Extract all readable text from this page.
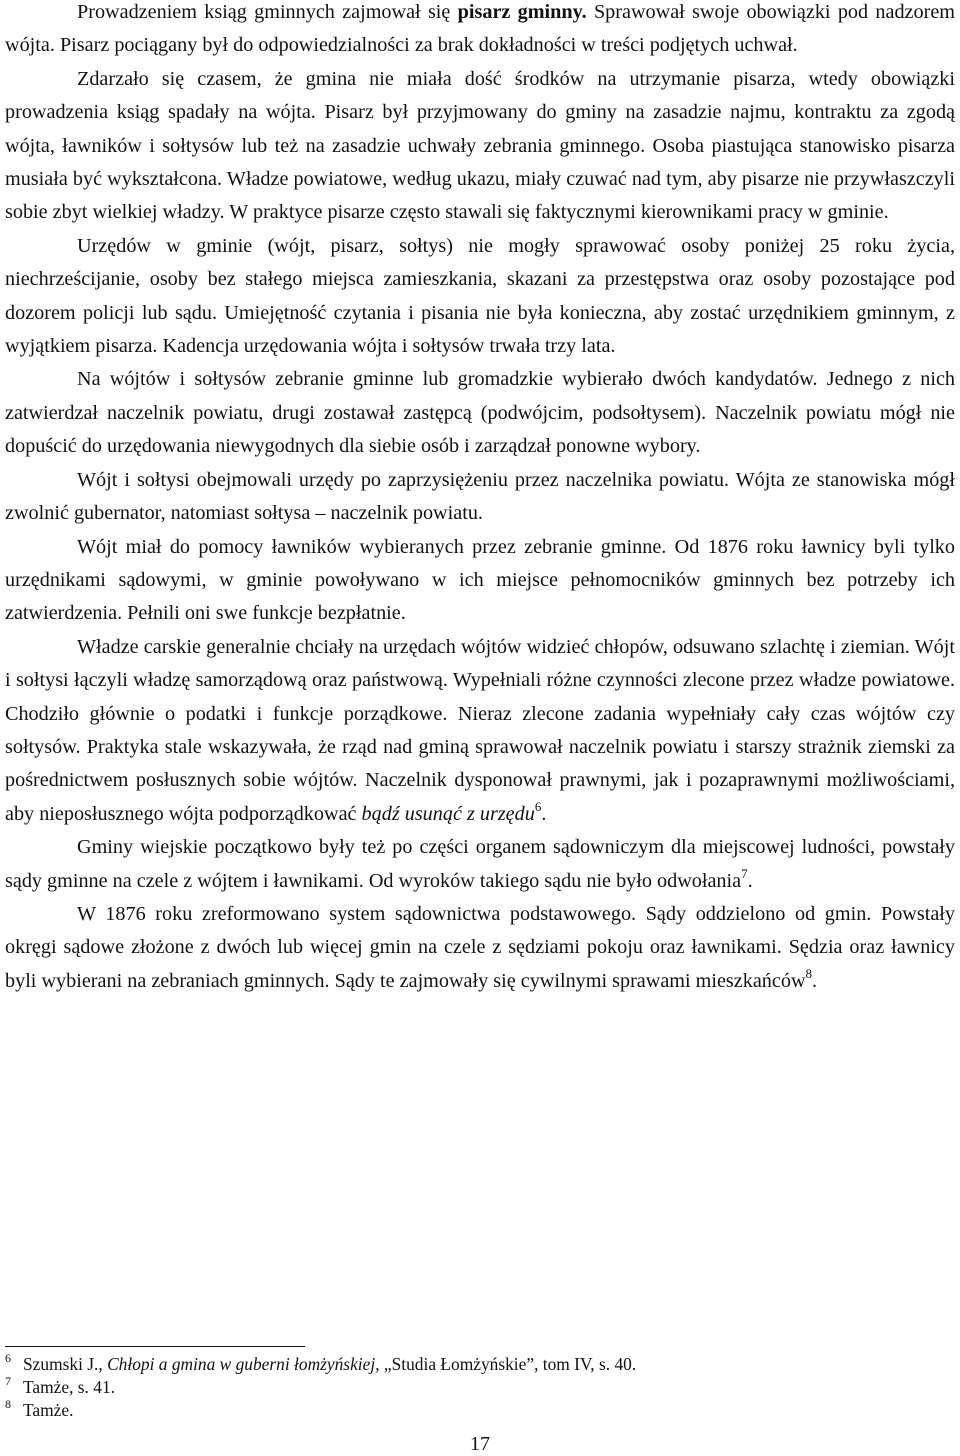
Prowadzeniem ksiąg gminnych zajmował się pisarz gminny. Sprawował swoje obowiązki pod nadzorem wójta. Pisarz pociągany był do odpowiedzialności za brak dokładności w treści podjętych uchwał.

Zdarzało się czasem, że gmina nie miała dość środków na utrzymanie pisarza, wtedy obowiązki prowadzenia ksiąg spadały na wójta. Pisarz był przyjmowany do gminy na zasadzie najmu, kontraktu za zgodą wójta, ławników i sołtysów lub też na zasadzie uchwały zebrania gminnego. Osoba piastująca stanowisko pisarza musiała być wykształcona. Władze powiatowe, według ukazu, miały czuwać nad tym, aby pisarze nie przywłaszczyli sobie zbyt wielkiej władzy. W praktyce pisarze często stawali się faktycznymi kierownikami pracy w gminie.

Urzędów w gminie (wójt, pisarz, sołtys) nie mogły sprawować osoby poniżej 25 roku życia, niechrześcijanie, osoby bez stałego miejsca zamieszkania, skazani za przestępstwa oraz osoby pozostające pod dozorem policji lub sądu. Umiejętność czytania i pisania nie była konieczna, aby zostać urzędnikiem gminnym, z wyjątkiem pisarza. Kadencja urzędowania wójta i sołtysów trwała trzy lata.

Na wójtów i sołtysów zebranie gminne lub gromadzkie wybierało dwóch kandydatów. Jednego z nich zatwierdzał naczelnik powiatu, drugi zostawał zastępcą (podwójcim, podsołtysem). Naczelnik powiatu mógł nie dopuścić do urzędowania niewygodnych dla siebie osób i zarządzał ponowne wybory.

Wójt i sołtysi obejmowali urzędy po zaprzysiężeniu przez naczelnika powiatu. Wójta ze stanowiska mógł zwolnić gubernator, natomiast sołtysa – naczelnik powiatu.

Wójt miał do pomocy ławników wybieranych przez zebranie gminne. Od 1876 roku ławnicy byli tylko urzędnikami sądowymi, w gminie powoływano w ich miejsce pełnomocników gminnych bez potrzeby ich zatwierdzenia. Pełnili oni swe funkcje bezpłatnie.

Władze carskie generalnie chciały na urzędach wójtów widzieć chłopów, odsuwano szlachtę i ziemian. Wójt i sołtysi łączyli władzę samorządową oraz państwową. Wypełniali różne czynności zlecone przez władze powiatowe. Chodziło głównie o podatki i funkcje porządkowe. Nieraz zlecone zadania wypełniały cały czas wójtów czy sołtysów. Praktyka stale wskazywała, że rząd nad gminą sprawował naczelnik powiatu i starszy strażnik ziemski za pośrednictwem posłusznych sobie wójtów. Naczelnik dysponował prawnymi, jak i pozaprawnymi możliwościami, aby nieposłusznego wójta podporządkować bądź usunąć z urzędu$^6$.

Gminy wiejskie początkowo były też po części organem sądowniczym dla miejscowej ludności, powstały sądy gminne na czele z wójtem i ławnikami. Od wyroków takiego sądu nie było odwołania$^7$.

W 1876 roku zreformowano system sądownictwa podstawowego. Sądy oddzielono od gmin. Powstały okręgi sądowe złożone z dwóch lub więcej gmin na czele z sędziami pokoju oraz ławnikami. Sędzia oraz ławnicy byli wybierani na zebraniach gminnych. Sądy te zajmowały się cywilnymi sprawami mieszkańców$^8$.

6 Szumski J., Chłopi a gmina w guberni łomżyńskiej, „Studia Łomżyńskie”, tom IV, s. 40.

7 Tamże, s. 41.

8 Tamże.

17
